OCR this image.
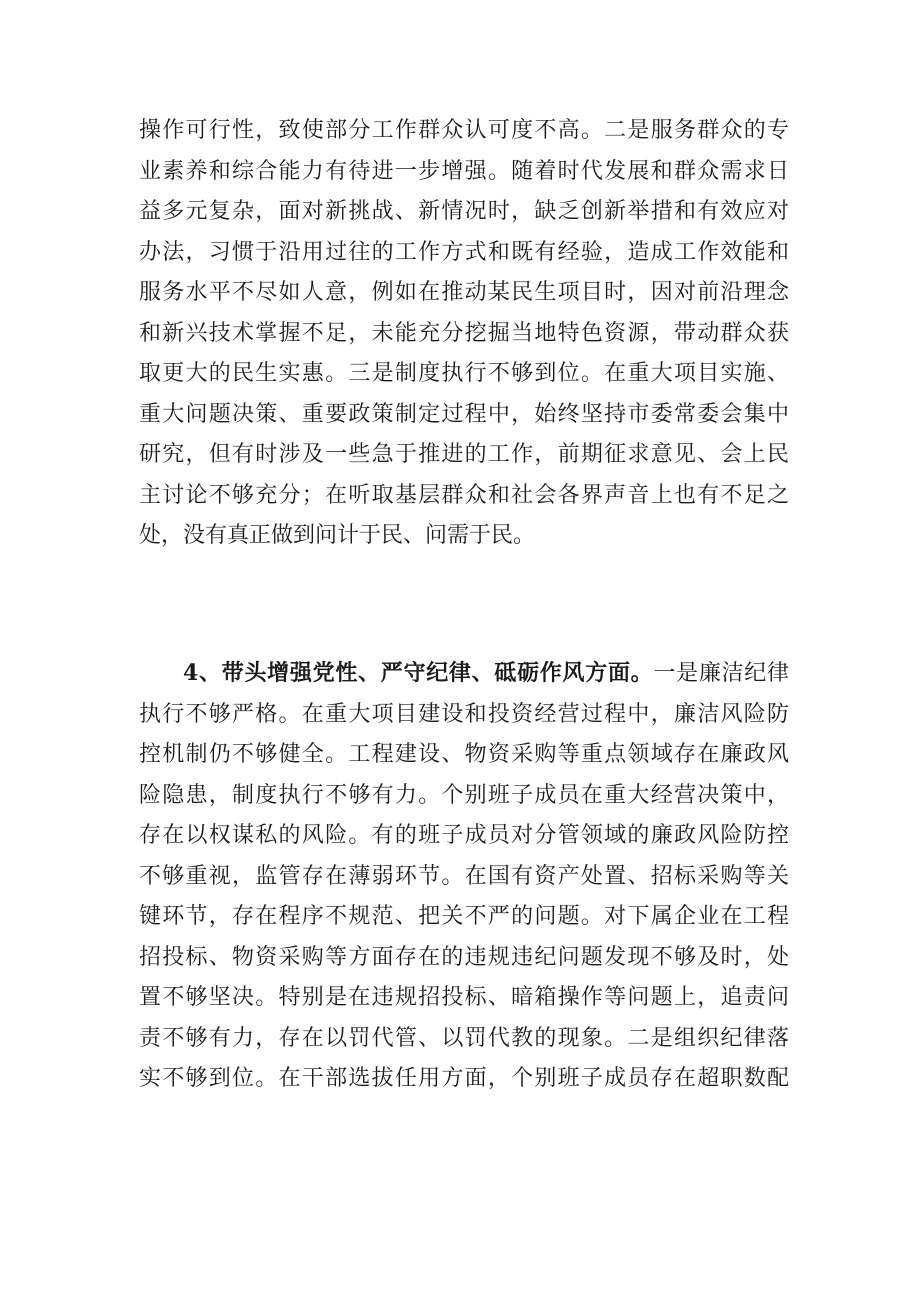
操作可行性，致使部分工作群众认可度不高。二是服务群众的专
业素养和综合能力有待进一步增强。随着时代发展和群众需求日
益多元复杂，面对新挑战、新情况时，缺乏创新举措和有效应对
办法，习惯于沿用过往的工作方式和既有经验，造成工作效能和
服务水平不尽如人意，例如在推动某民生项目时，因对前沿理念
和新兴技术掌握不足，未能充分挖掘当地特色资源，带动群众获
取更大的民生实惠。三是制度执行不够到位。在重大项目实施、
重大问题决策、重要政策制定过程中，始终坚持市委常委会集中
研究，但有时涉及一些急于推进的工作，前期征求意见、会上民
主讨论不够充分；在听取基层群众和社会各界声音上也有不足之
处，没有真正做到问计于民、问需于民。
4、带头增强党性、严守纪律、砥砺作风方面。一是廉洁纪律
执行不够严格。在重大项目建设和投资经营过程中，廉洁风险防
控机制仍不够健全。工程建设、物资采购等重点领域存在廉政风
险隐患，制度执行不够有力。个别班子成员在重大经营决策中，
存在以权谋私的风险。有的班子成员对分管领域的廉政风险防控
不够重视，监管存在薄弱环节。在国有资产处置、招标采购等关
键环节，存在程序不规范、把关不严的问题。对下属企业在工程
招投标、物资采购等方面存在的违规违纪问题发现不够及时，处
置不够坚决。特别是在违规招投标、暗箱操作等问题上，追责问
责不够有力，存在以罚代管、以罚代教的现象。二是组织纪律落
实不够到位。在干部选拔任用方面，个别班子成员存在超职数配
